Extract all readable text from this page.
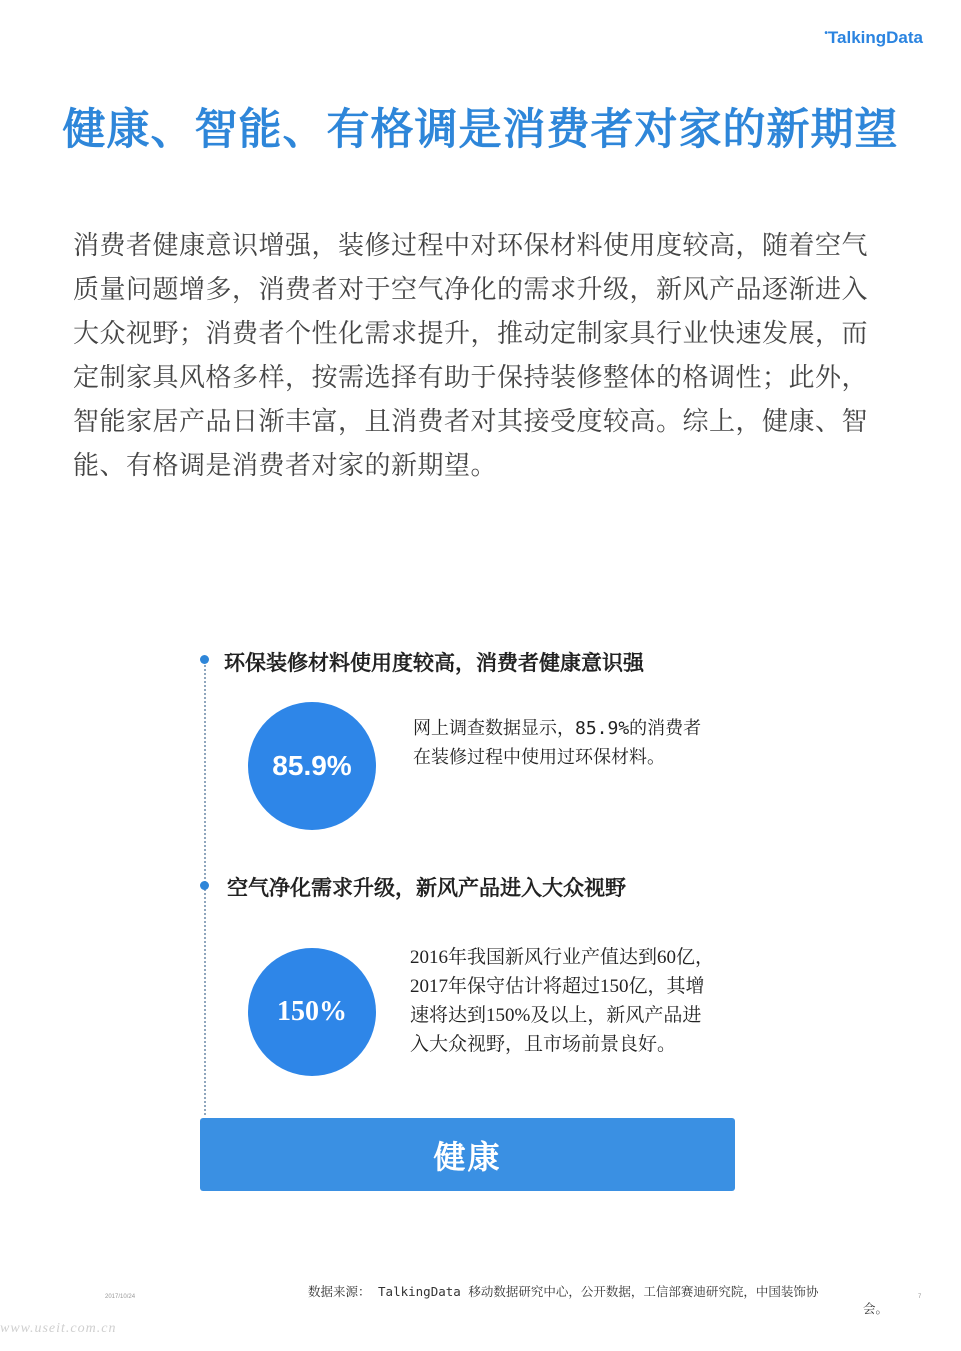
•TalkingData
健康、智能、有格调是消费者对家的新期望
消费者健康意识增强，装修过程中对环保材料使用度较高，随着空气质量问题增多，消费者对于空气净化的需求升级，新风产品逐渐进入大众视野；消费者个性化需求提升，推动定制家具行业快速发展，而定制家具风格多样，按需选择有助于保持装修整体的格调性；此外，智能家居产品日渐丰富，且消费者对其接受度较高。综上，健康、智能、有格调是消费者对家的新期望。
环保装修材料使用度较高，消费者健康意识强
85.9%
网上调查数据显示，85.9%的消费者在装修过程中使用过环保材料。
空气净化需求升级，新风产品进入大众视野
150%
2016年我国新风行业产值达到60亿，2017年保守估计将超过150亿，其增速将达到150%及以上，新风产品进入大众视野，且市场前景良好。
健康
2017/10/24	数据来源： TalkingData 移动数据研究中心，公开数据，工信部赛迪研究院，中国装饰协
会。
7
www.useit.com.cn
